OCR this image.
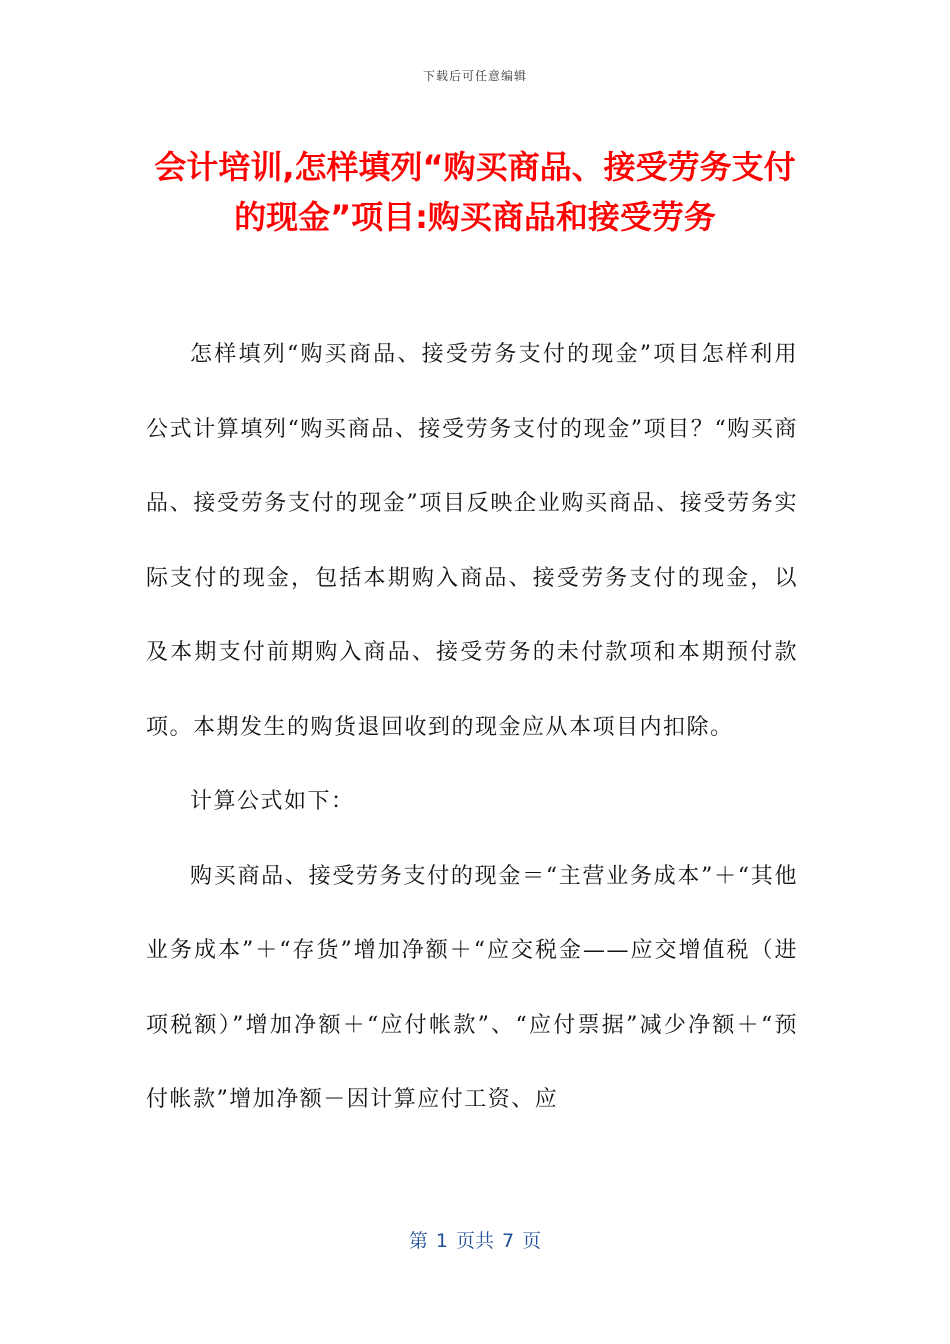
下载后可任意编辑
会计培训,怎样填列“购买商品、接受劳务支付的现金”项目:购买商品和接受劳务

怎样填列“购买商品、接受劳务支付的现金”项目怎样利用公式计算填列“购买商品、接受劳务支付的现金”项目？“购买商品、接受劳务支付的现金”项目反映企业购买商品、接受劳务实际支付的现金，包括本期购入商品、接受劳务支付的现金，以及本期支付前期购入商品、接受劳务的未付款项和本期预付款项。本期发生的购货退回收到的现金应从本项目内扣除。

计算公式如下：

购买商品、接受劳务支付的现金＝“主营业务成本”＋“其他业务成本”＋“存货”增加净额＋“应交税金——应交增值税（进项税额）”增加净额＋“应付帐款”、“应付票据”减少净额＋“预付帐款”增加净额－因计算应付工资、应

第 1 页共 7 页
